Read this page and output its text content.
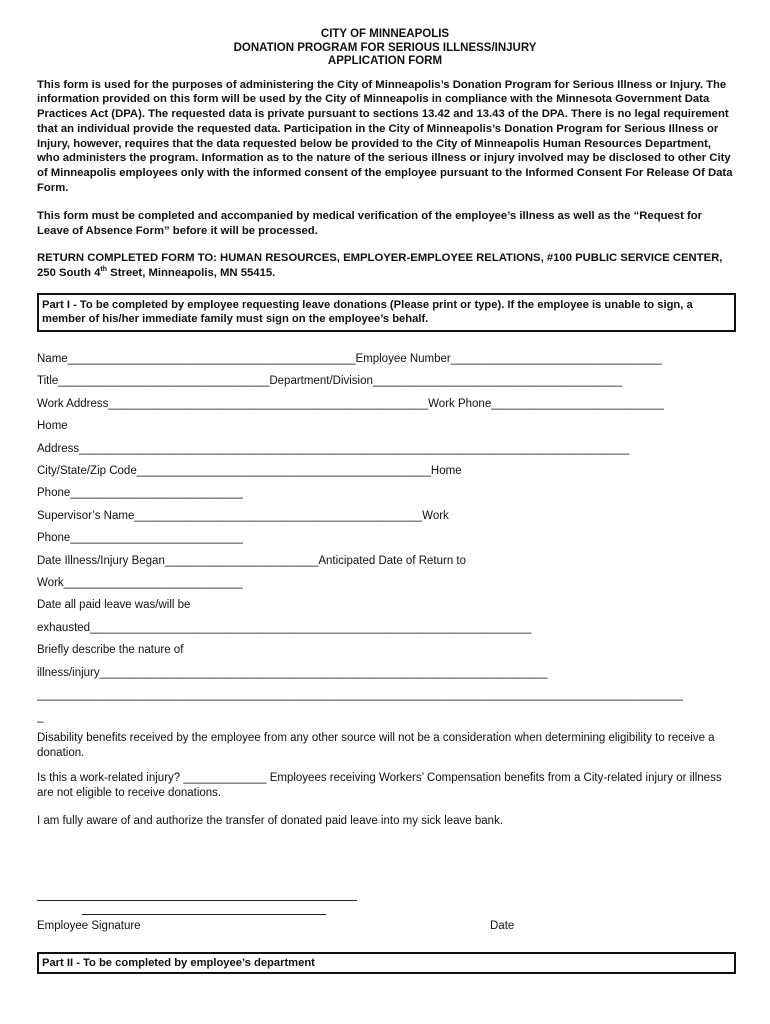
CITY OF MINNEAPOLIS
DONATION PROGRAM FOR SERIOUS ILLNESS/INJURY
APPLICATION FORM
This form is used for the purposes of administering the City of Minneapolis’s Donation Program for Serious Illness or Injury. The information provided on this form will be used by the City of Minneapolis in compliance with the Minnesota Government Data Practices Act (DPA). The requested data is private pursuant to sections 13.42 and 13.43 of the DPA. There is no legal requirement that an individual provide the requested data. Participation in the City of Minneapolis’s Donation Program for Serious Illness or Injury, however, requires that the data requested below be provided to the City of Minneapolis Human Resources Department, who administers the program. Information as to the nature of the serious illness or injury involved may be disclosed to other City of Minneapolis employees only with the informed consent of the employee pursuant to the Informed Consent For Release Of Data Form.
This form must be completed and accompanied by medical verification of the employee’s illness as well as the “Request for Leave of Absence Form” before it will be processed.
RETURN COMPLETED FORM TO: HUMAN RESOURCES, EMPLOYER-EMPLOYEE RELATIONS, #100 PUBLIC SERVICE CENTER, 250 South 4th Street, Minneapolis, MN 55415.
Part I - To be completed by employee requesting leave donations (Please print or type). If the employee is unable to sign, a member of his/her immediate family must sign on the employee’s behalf.
Name_____________________________________________Employee Number_________________________________
Title_________________________________Department/Division_______________________________________
Work Address__________________________________________________Work Phone___________________________
Home
Address______________________________________________________________________________________
City/State/Zip Code______________________________________________Home
Phone___________________________
Supervisor’s Name_____________________________________________Work
Phone___________________________
Date Illness/Injury Began________________________Anticipated Date of Return to
Work____________________________
Date all paid leave was/will be
exhausted_____________________________________________________________________
Briefly describe the nature of
illness/injury______________________________________________________________________
_____________________________________________________________________________________________________
_
Disability benefits received by the employee from any other source will not be a consideration when determining eligibility to receive a donation.
Is this a work-related injury? _____________ Employees receiving Workers’ Compensation benefits from a City-related injury or illness are not eligible to receive donations.
I am fully aware of and authorize the transfer of donated paid leave into my sick leave bank.
Employee Signature	Date
Part II - To be completed by employee’s department
